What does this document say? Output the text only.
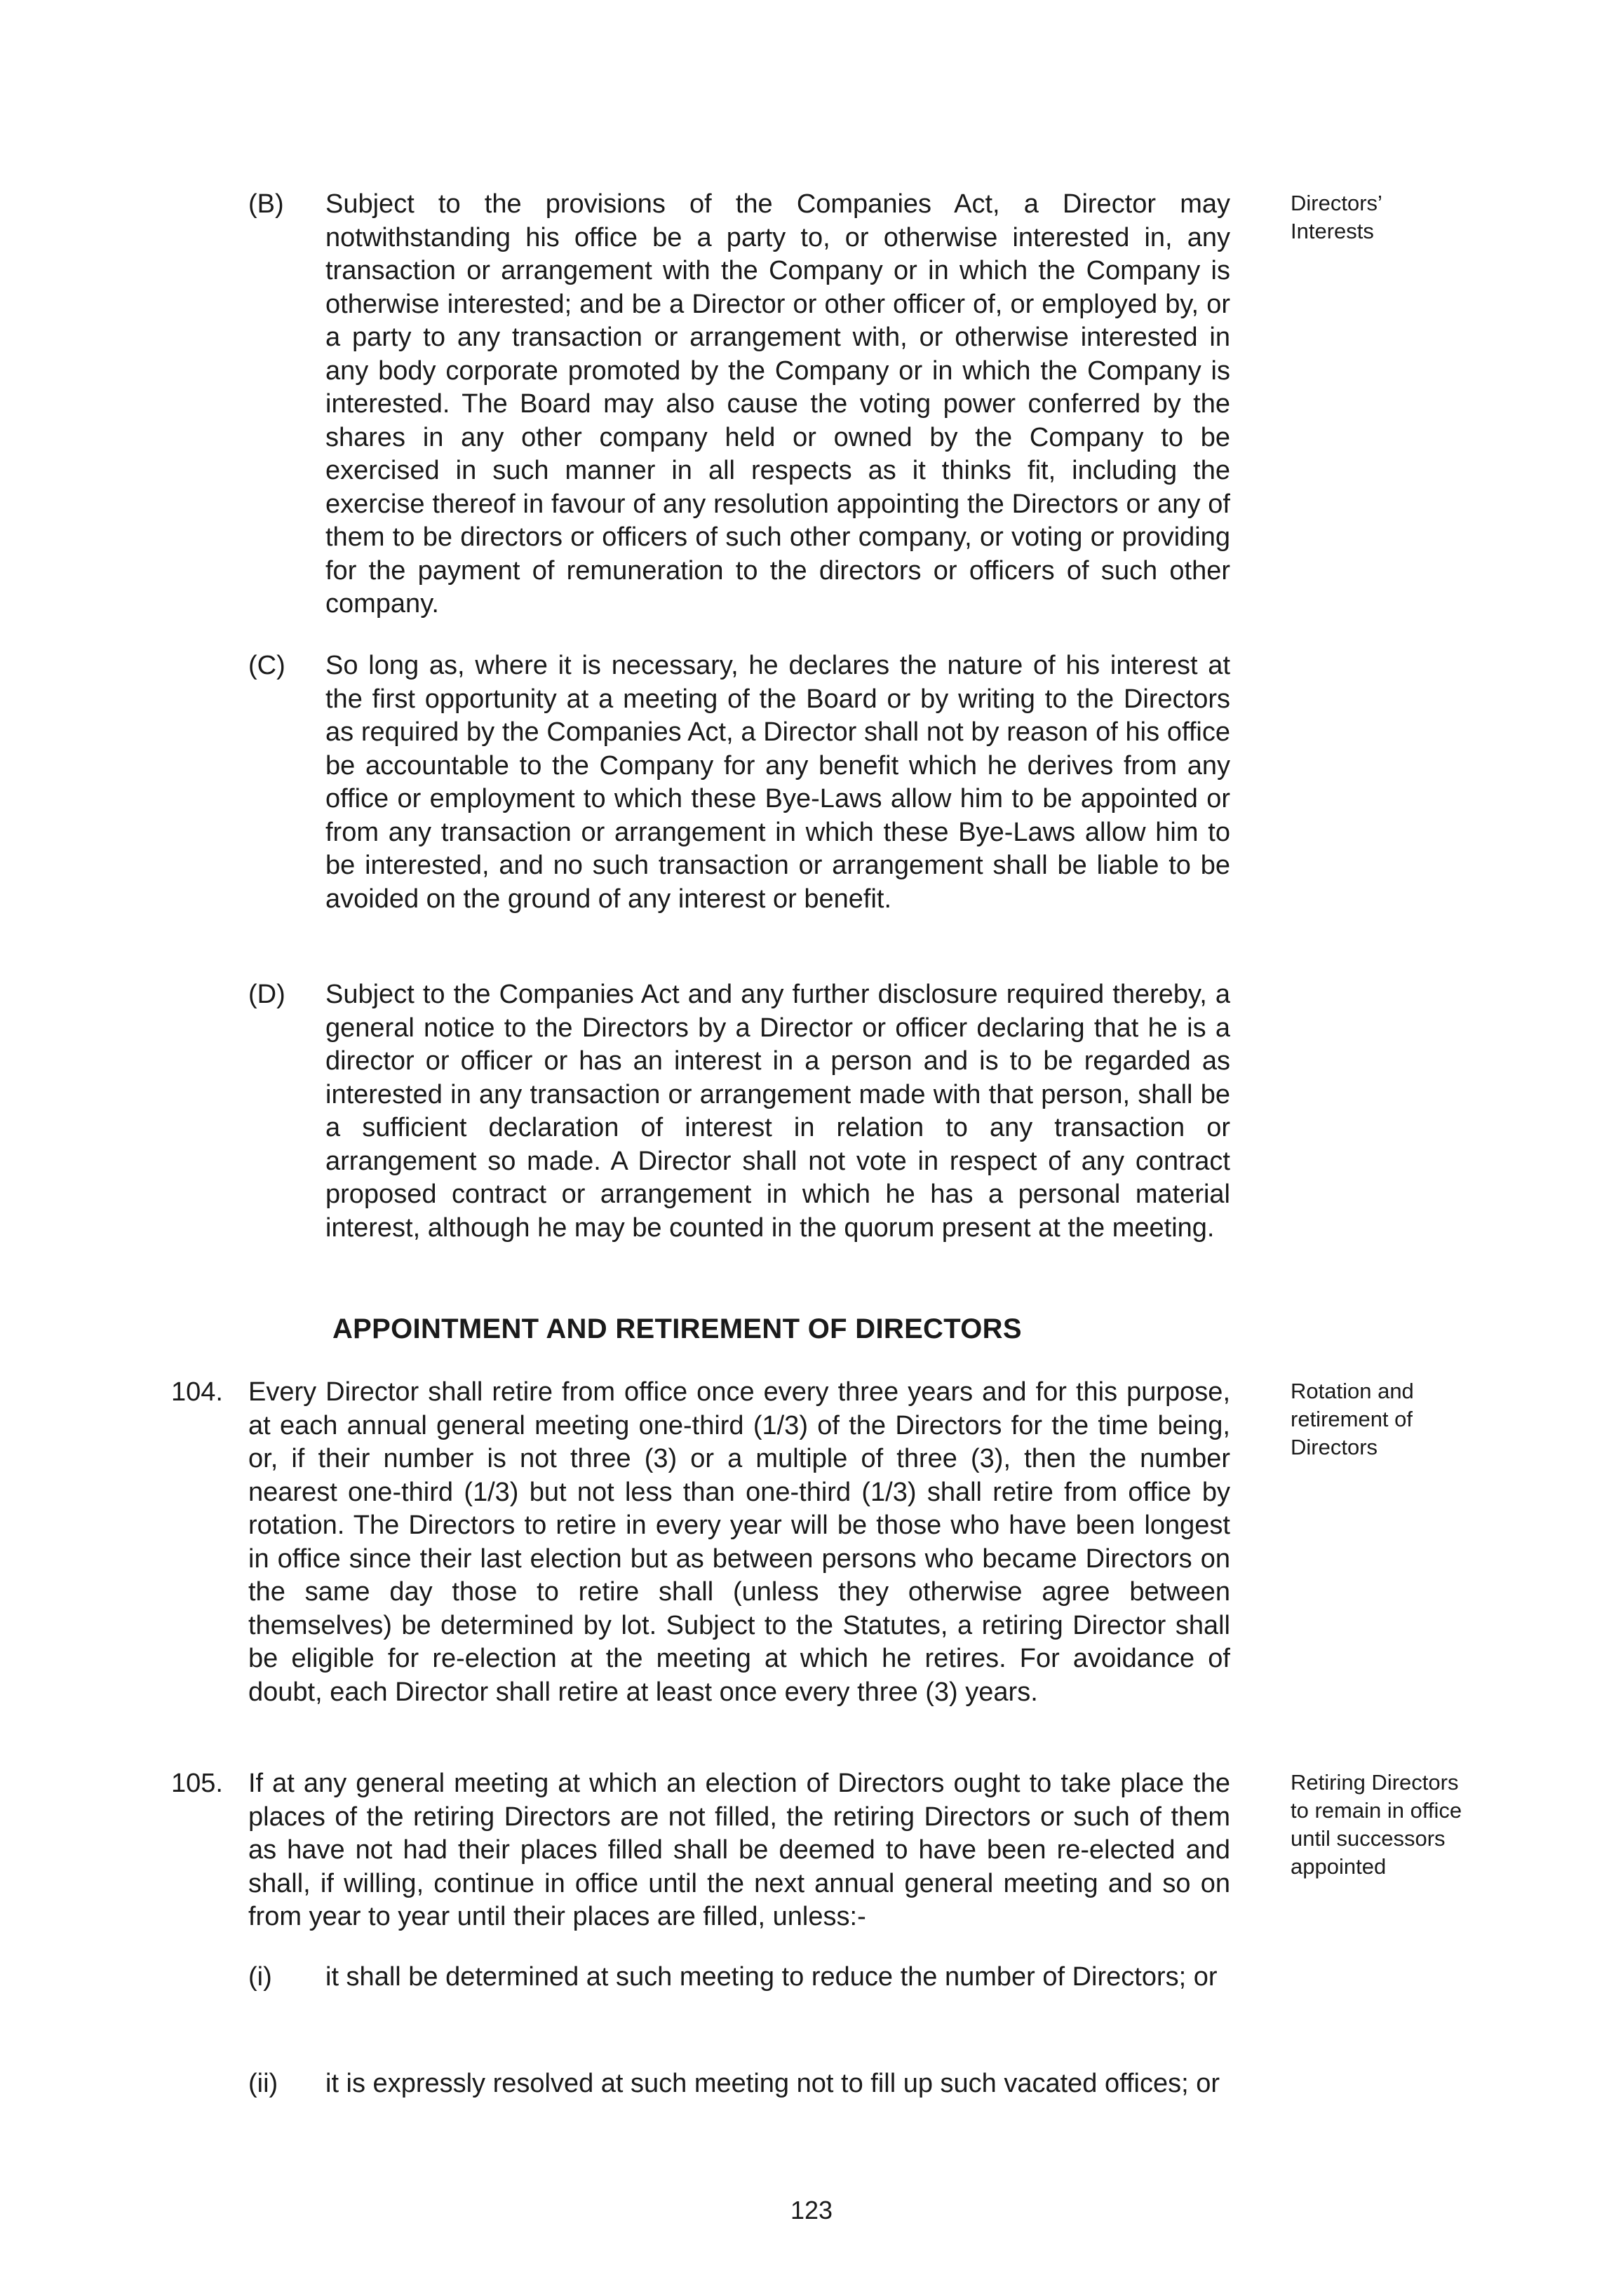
(B) Subject to the provisions of the Companies Act, a Director may notwithstanding his office be a party to, or otherwise interested in, any transaction or arrangement with the Company or in which the Company is otherwise interested; and be a Director or other officer of, or employed by, or a party to any transaction or arrangement with, or otherwise interested in any body corporate promoted by the Company or in which the Company is interested. The Board may also cause the voting power conferred by the shares in any other company held or owned by the Company to be exercised in such manner in all respects as it thinks fit, including the exercise thereof in favour of any resolution appointing the Directors or any of them to be directors or officers of such other company, or voting or providing for the payment of remuneration to the directors or officers of such other company.
Directors’ Interests
(C) So long as, where it is necessary, he declares the nature of his interest at the first opportunity at a meeting of the Board or by writing to the Directors as required by the Companies Act, a Director shall not by reason of his office be accountable to the Company for any benefit which he derives from any office or employment to which these Bye-Laws allow him to be appointed or from any transaction or arrangement in which these Bye-Laws allow him to be interested, and no such transaction or arrangement shall be liable to be avoided on the ground of any interest or benefit.
(D) Subject to the Companies Act and any further disclosure required thereby, a general notice to the Directors by a Director or officer declaring that he is a director or officer or has an interest in a person and is to be regarded as interested in any transaction or arrangement made with that person, shall be a sufficient declaration of interest in relation to any transaction or arrangement so made. A Director shall not vote in respect of any contract proposed contract or arrangement in which he has a personal material interest, although he may be counted in the quorum present at the meeting.
APPOINTMENT AND RETIREMENT OF DIRECTORS
104. Every Director shall retire from office once every three years and for this purpose, at each annual general meeting one-third (1/3) of the Directors for the time being, or, if their number is not three (3) or a multiple of three (3), then the number nearest one-third (1/3) but not less than one-third (1/3) shall retire from office by rotation. The Directors to retire in every year will be those who have been longest in office since their last election but as between persons who became Directors on the same day those to retire shall (unless they otherwise agree between themselves) be determined by lot. Subject to the Statutes, a retiring Director shall be eligible for re-election at the meeting at which he retires. For avoidance of doubt, each Director shall retire at least once every three (3) years.
Rotation and retirement of Directors
105. If at any general meeting at which an election of Directors ought to take place the places of the retiring Directors are not filled, the retiring Directors or such of them as have not had their places filled shall be deemed to have been re-elected and shall, if willing, continue in office until the next annual general meeting and so on from year to year until their places are filled, unless:-
Retiring Directors to remain in office until successors appointed
(i) it shall be determined at such meeting to reduce the number of Directors; or
(ii) it is expressly resolved at such meeting not to fill up such vacated offices; or
123
